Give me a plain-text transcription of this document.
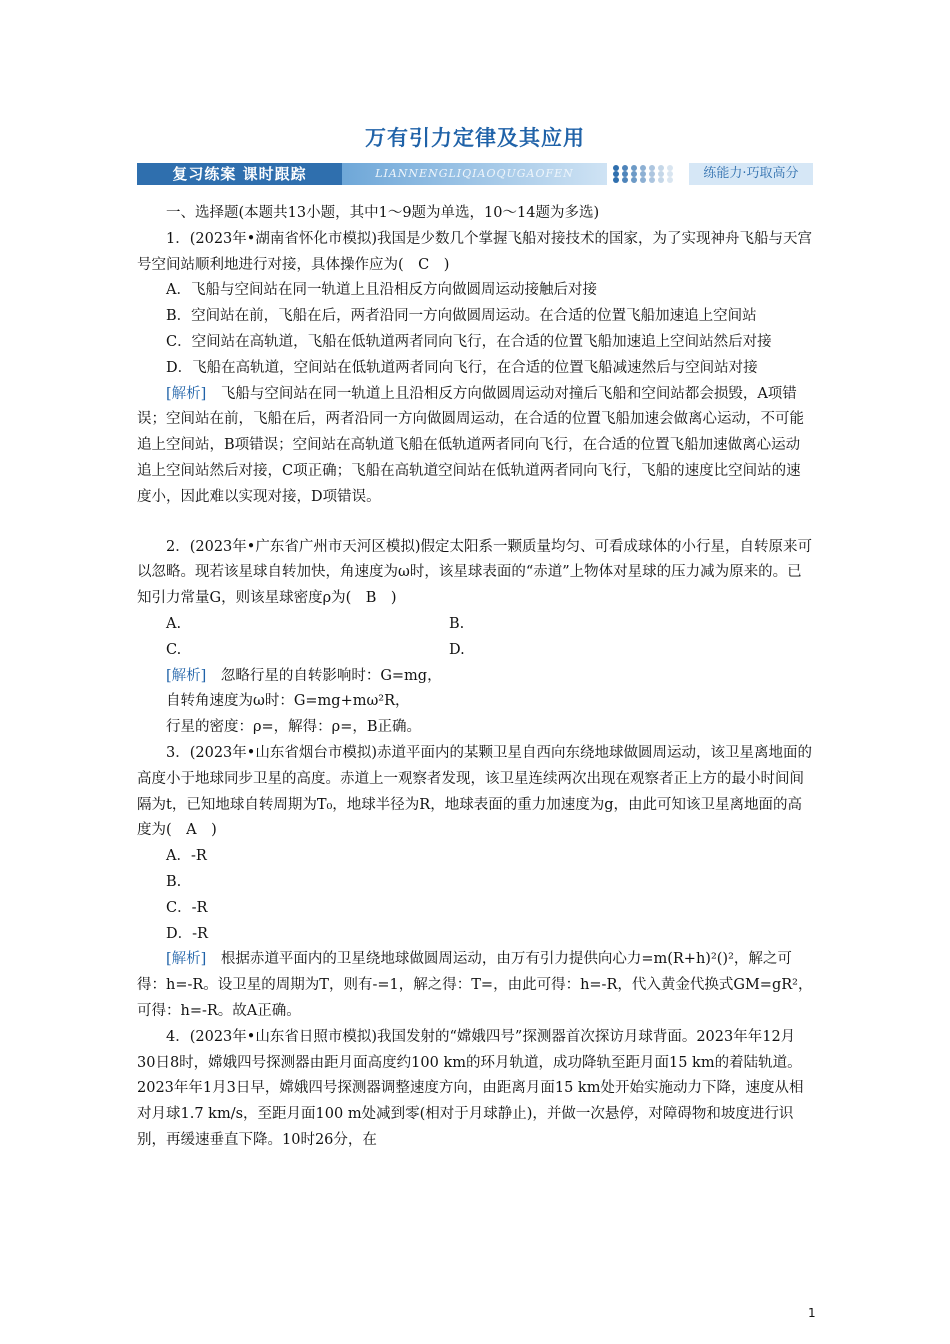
万有引力定律及其应用
复习练案 课时跟踪	LIANNENGLIQIAOQUGAOFEN	练能力·巧取高分

一、选择题(本题共13小题，其中1～9题为单选，10～14题为多选)

1．(2023年•湖南省怀化市模拟)我国是少数几个掌握飞船对接技术的国家，为了实现神舟飞船与天宫号空间站顺利地进行对接，具体操作应为(　C　)

A．飞船与空间站在同一轨道上且沿相反方向做圆周运动接触后对接

B．空间站在前，飞船在后，两者沿同一方向做圆周运动。在合适的位置飞船加速追上空间站

C．空间站在高轨道，飞船在低轨道两者同向飞行，在合适的位置飞船加速追上空间站然后对接

D．飞船在高轨道，空间站在低轨道两者同向飞行，在合适的位置飞船减速然后与空间站对接

[解析]　飞船与空间站在同一轨道上且沿相反方向做圆周运动对撞后飞船和空间站都会损毁，A项错误；空间站在前，飞船在后，两者沿同一方向做圆周运动，在合适的位置飞船加速会做离心运动，不可能追上空间站，B项错误；空间站在高轨道飞船在低轨道两者同向飞行，在合适的位置飞船加速做离心运动追上空间站然后对接，C项正确；飞船在高轨道空间站在低轨道两者同向飞行，飞船的速度比空间站的速度小，因此难以实现对接，D项错误。

2．(2023年•广东省广州市天河区模拟)假定太阳系一颗质量均匀、可看成球体的小行星，自转原来可以忽略。现若该星球自转加快，角速度为ω时，该星球表面的“赤道”上物体对星球的压力减为原来的。已知引力常量G，则该星球密度ρ为(　B　)

A.	B.
C.	D.

[解析]　忽略行星的自转影响时：G=mg，

自转角速度为ω时：G=mg+mω²R，

行星的密度：ρ=，解得：ρ=，B正确。

3．(2023年•山东省烟台市模拟)赤道平面内的某颗卫星自西向东绕地球做圆周运动，该卫星离地面的高度小于地球同步卫星的高度。赤道上一观察者发现，该卫星连续两次出现在观察者正上方的最小时间间隔为t，已知地球自转周期为T₀，地球半径为R，地球表面的重力加速度为g，由此可知该卫星离地面的高度为(　A　)

A．-R

B.

C．-R

D．-R

[解析]　根据赤道平面内的卫星绕地球做圆周运动，由万有引力提供向心力=m(R+h)²()²，解之可得：h=-R。设卫星的周期为T，则有-=1，解之得：T=，由此可得：h=-R，代入黄金代换式GM=gR²，可得：h=-R。故A正确。

4．(2023年•山东省日照市模拟)我国发射的“嫦娥四号”探测器首次探访月球背面。2023年年12月30日8时，嫦娥四号探测器由距月面高度约100 km的环月轨道，成功降轨至距月面15 km的着陆轨道。2023年年1月3日早，嫦娥四号探测器调整速度方向，由距离月面15 km处开始实施动力下降，速度从相对月球1.7 km/s，至距月面100 m处减到零(相对于月球静止)，并做一次悬停，对障碍物和坡度进行识别，再缓速垂直下降。10时26分，在

1
